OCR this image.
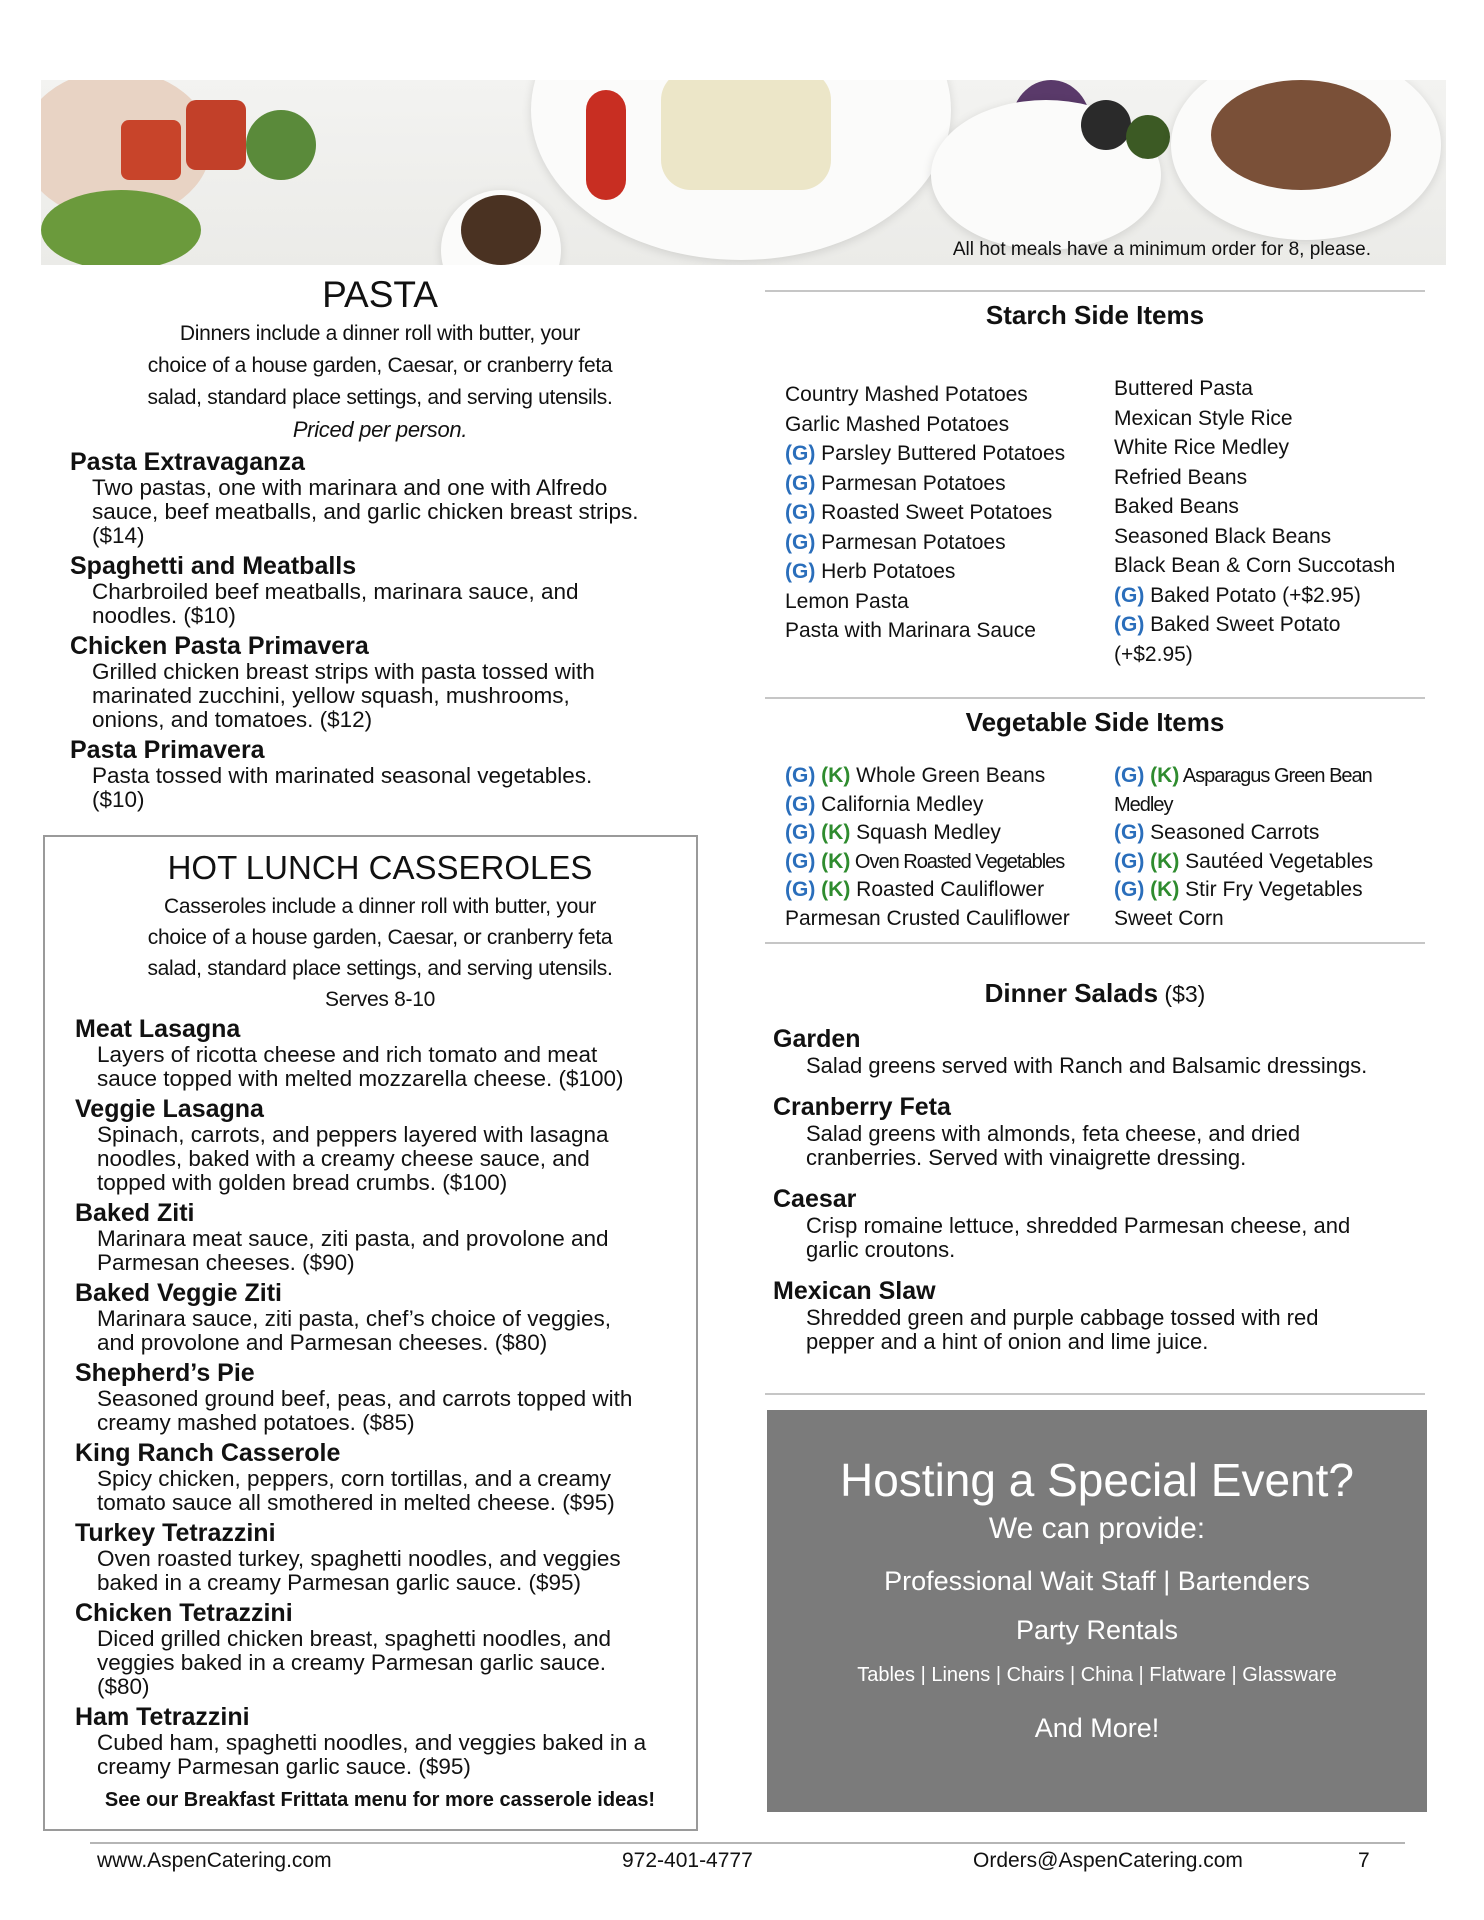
All hot meals have a minimum order for 8, please.
PASTA
Dinners include a dinner roll with butter, your
choice of a house garden, Caesar, or cranberry feta
salad, standard place settings, and serving utensils.
Priced per person.
Pasta Extravaganza
Two pastas, one with marinara and one with Alfredo
sauce, beef meatballs, and garlic chicken breast strips.
($14)
Spaghetti and Meatballs
Charbroiled beef meatballs, marinara sauce, and
noodles. ($10)
Chicken Pasta Primavera
Grilled chicken breast strips with pasta tossed with
marinated zucchini, yellow squash, mushrooms,
onions, and tomatoes. ($12)
Pasta Primavera
Pasta tossed with marinated seasonal vegetables.
($10)
HOT LUNCH CASSEROLES
Casseroles include a dinner roll with butter, your
choice of a house garden, Caesar, or cranberry feta
salad, standard place settings, and serving utensils.
Serves 8-10
Meat Lasagna
Layers of ricotta cheese and rich tomato and meat
sauce topped with melted mozzarella cheese. ($100)
Veggie Lasagna
Spinach, carrots, and peppers layered with lasagna
noodles, baked with a creamy cheese sauce, and
topped with golden bread crumbs. ($100)
Baked Ziti
Marinara meat sauce, ziti pasta, and provolone and
Parmesan cheeses. ($90)
Baked Veggie Ziti
Marinara sauce, ziti pasta, chef’s choice of veggies,
and provolone and Parmesan cheeses. ($80)
Shepherd’s Pie
Seasoned ground beef, peas, and carrots topped with
creamy mashed potatoes. ($85)
King Ranch Casserole
Spicy chicken, peppers, corn tortillas, and a creamy
tomato sauce all smothered in melted cheese. ($95)
Turkey Tetrazzini
Oven roasted turkey, spaghetti noodles, and veggies
baked in a creamy Parmesan garlic sauce. ($95)
Chicken Tetrazzini
Diced grilled chicken breast, spaghetti noodles, and
veggies baked in a creamy Parmesan garlic sauce.
($80)
Ham Tetrazzini
Cubed ham, spaghetti noodles, and veggies baked in a
creamy Parmesan garlic sauce. ($95)
See our Breakfast Frittata menu for more casserole ideas!
Starch Side Items
Country Mashed Potatoes
Garlic Mashed Potatoes
(G) Parsley Buttered Potatoes
(G) Parmesan Potatoes
(G) Roasted Sweet Potatoes
(G) Parmesan Potatoes
(G) Herb Potatoes
Lemon Pasta
Pasta with Marinara Sauce
Buttered Pasta
Mexican Style Rice
White Rice Medley
Refried Beans
Baked Beans
Seasoned Black Beans
Black Bean & Corn Succotash
(G) Baked Potato (+$2.95)
(G) Baked Sweet Potato
(+$2.95)
Vegetable Side Items
(G) (K) Whole Green Beans
(G) California Medley
(G) (K) Squash Medley
(G) (K) Oven Roasted Vegetables
(G) (K) Roasted Cauliflower
Parmesan Crusted Cauliflower
(G) (K) Asparagus Green Bean
Medley
(G) Seasoned Carrots
(G) (K) Sautéed Vegetables
(G) (K) Stir Fry Vegetables
Sweet Corn
Dinner Salads ($3)
Garden
Salad greens served with Ranch and Balsamic dressings.
Cranberry Feta
Salad greens with almonds, feta cheese, and dried
cranberries. Served with vinaigrette dressing.
Caesar
Crisp romaine lettuce, shredded Parmesan cheese, and
garlic croutons.
Mexican Slaw
Shredded green and purple cabbage tossed with red
pepper and a hint of onion and lime juice.
Hosting a Special Event?
We can provide:
Professional Wait Staff | Bartenders
Party Rentals
Tables | Linens | Chairs | China | Flatware | Glassware
And More!
www.AspenCatering.com	972-401-4777	Orders@AspenCatering.com	7
